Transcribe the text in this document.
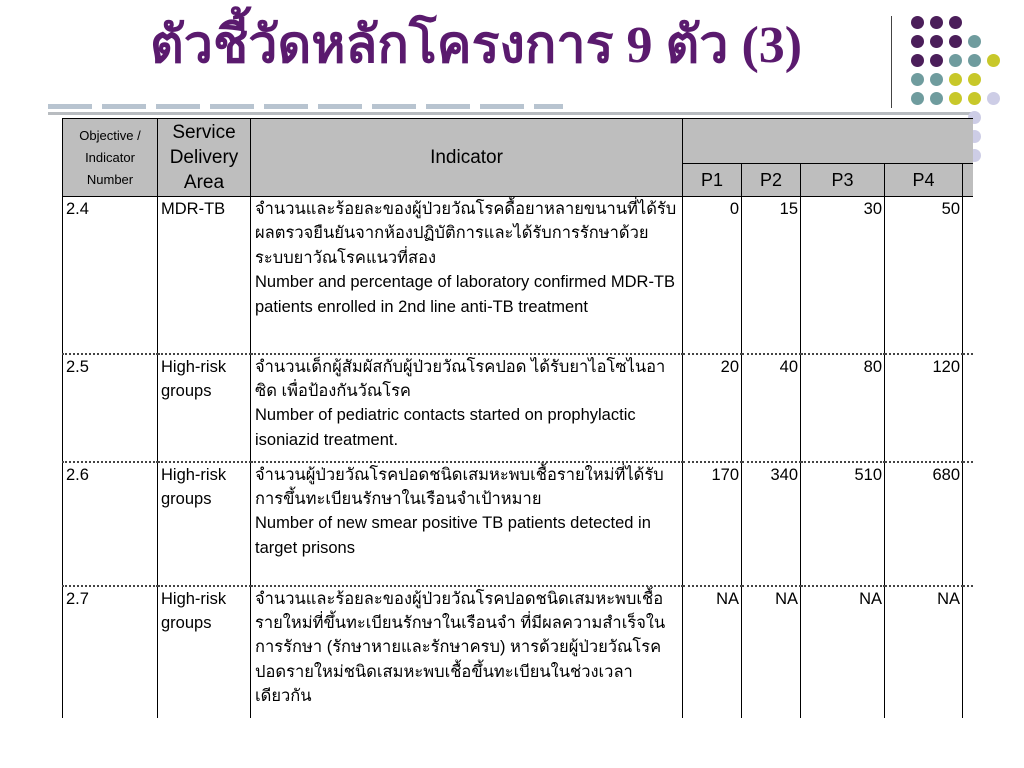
ตัวชี้วัดหลักโครงการ 9 ตัว (3)
Objective /
Indicator
Number	Service
Delivery
Area	Indicator					
			P1	P2	P3	P4	
2.4	MDR-TB	จำนวนและร้อยละของผู้ป่วยวัณโรคดื้อยาหลายขนานที่ได้รับผลตรวจยืนยันจากห้องปฏิบัติการและได้รับการรักษาด้วยระบบยาวัณโรคแนวที่สอง
Number and percentage of laboratory confirmed MDR-TB patients enrolled in 2nd line anti-TB treatment	0	15	30	50	
2.5	High-risk groups	จำนวนเด็กผู้สัมผัสกับผู้ป่วยวัณโรคปอด ได้รับยาไอโซไนอาซิด เพื่อป้องกันวัณโรค
Number of pediatric contacts started on prophylactic isoniazid treatment.	20	40	80	120	
2.6	High-risk groups	จำนวนผู้ป่วยวัณโรคปอดชนิดเสมหะพบเชื้อรายใหม่ที่ได้รับการขึ้นทะเบียนรักษาในเรือนจำเป้าหมาย
Number of new smear positive TB patients detected in target prisons	170	340	510	680	
2.7	High-risk groups	จำนวนและร้อยละของผู้ป่วยวัณโรคปอดชนิดเสมหะพบเชื้อรายใหม่ที่ขึ้นทะเบียนรักษาในเรือนจำ ที่มีผลความสำเร็จในการรักษา (รักษาหายและรักษาครบ) หารด้วยผู้ป่วยวัณโรคปอดรายใหม่ชนิดเสมหะพบเชื้อขึ้นทะเบียนในช่วงเวลาเดียวกัน	NA	NA	NA	NA	
